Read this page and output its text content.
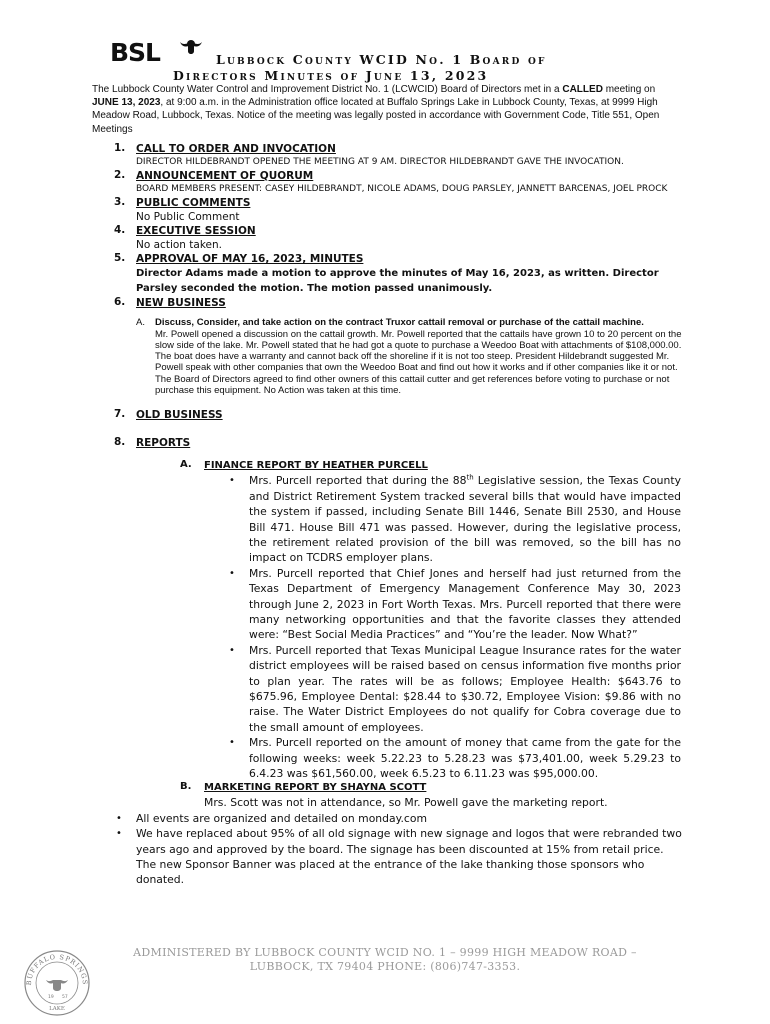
BSL	Lubbock County WCID No. 1 Board of
Directors Minutes of June 13, 2023
The Lubbock County Water Control and Improvement District No. 1 (LCWCID) Board of Directors met in a CALLED meeting on JUNE 13, 2023, at 9:00 a.m. in the Administration office located at Buffalo Springs Lake in Lubbock County, Texas, at 9999 High Meadow Road, Lubbock, Texas. Notice of the meeting was legally posted in accordance with Government Code, Title 551, Open Meetings
1. CALL TO ORDER AND INVOCATION
DIRECTOR HILDEBRANDT OPENED THE MEETING AT 9 AM. DIRECTOR HILDEBRANDT GAVE THE INVOCATION.
2. ANNOUNCEMENT OF QUORUM
BOARD MEMBERS PRESENT: CASEY HILDEBRANDT, NICOLE ADAMS, DOUG PARSLEY, JANNETT BARCENAS, JOEL PROCK
3. PUBLIC COMMENTS
No Public Comment
4. EXECUTIVE SESSION
No action taken.
5. APPROVAL OF MAY 16, 2023, MINUTES
Director Adams made a motion to approve the minutes of May 16, 2023, as written. Director Parsley seconded the motion. The motion passed unanimously.
6. NEW BUSINESS
A. Discuss, Consider, and take action on the contract Truxor cattail removal or purchase of the cattail machine.
Mr. Powell opened a discussion on the cattail growth. Mr. Powell reported that the cattails have grown 10 to 20 percent on the slow side of the lake. Mr. Powell stated that he had got a quote to purchase a Weedoo Boat with attachments of $108,000.00. The boat does have a warranty and cannot back off the shoreline if it is not too steep. President Hildebrandt suggested Mr. Powell speak with other companies that own the Weedoo Boat and find out how it works and if other companies like it or not. The Board of Directors agreed to find other owners of this cattail cutter and get references before voting to purchase or not purchase this equipment. No Action was taken at this time.
7. OLD BUSINESS
8. REPORTS
A. FINANCE REPORT BY HEATHER PURCELL
• Mrs. Purcell reported that during the 88th Legislative session, the Texas County and District Retirement System tracked several bills that would have impacted the system if passed, including Senate Bill 1446, Senate Bill 2530, and House Bill 471. House Bill 471 was passed. However, during the legislative process, the retirement related provision of the bill was removed, so the bill has no impact on TCDRS employer plans.
• Mrs. Purcell reported that Chief Jones and herself had just returned from the Texas Department of Emergency Management Conference May 30, 2023 through June 2, 2023 in Fort Worth Texas. Mrs. Purcell reported that there were many networking opportunities and that the favorite classes they attended were: “Best Social Media Practices” and “You’re the leader. Now What?”
• Mrs. Purcell reported that Texas Municipal League Insurance rates for the water district employees will be raised based on census information five months prior to plan year. The rates will be as follows; Employee Health: $643.76 to $675.96, Employee Dental: $28.44 to $30.72, Employee Vision: $9.86 with no raise. The Water District Employees do not qualify for Cobra coverage due to the small amount of employees.
• Mrs. Purcell reported on the amount of money that came from the gate for the following weeks: week 5.22.23 to 5.28.23 was $73,401.00, week 5.29.23 to 6.4.23 was $61,560.00, week 6.5.23 to 6.11.23 was $95,000.00.
B. MARKETING REPORT BY SHAYNA SCOTT
Mrs. Scott was not in attendance, so Mr. Powell gave the marketing report.
• All events are organized and detailed on monday.com
• We have replaced about 95% of all old signage with new signage and logos that were rebranded two years ago and approved by the board. The signage has been discounted at 15% from retail price. The new Sponsor Banner was placed at the entrance of the lake thanking those sponsors who donated.
BUFFALO SPRINGS
LAKE
19 57
ADMINISTERED BY LUBBOCK COUNTY WCID NO. 1 – 9999 HIGH MEADOW ROAD –
LUBBOCK, TX 79404 PHONE: (806)747-3353.
